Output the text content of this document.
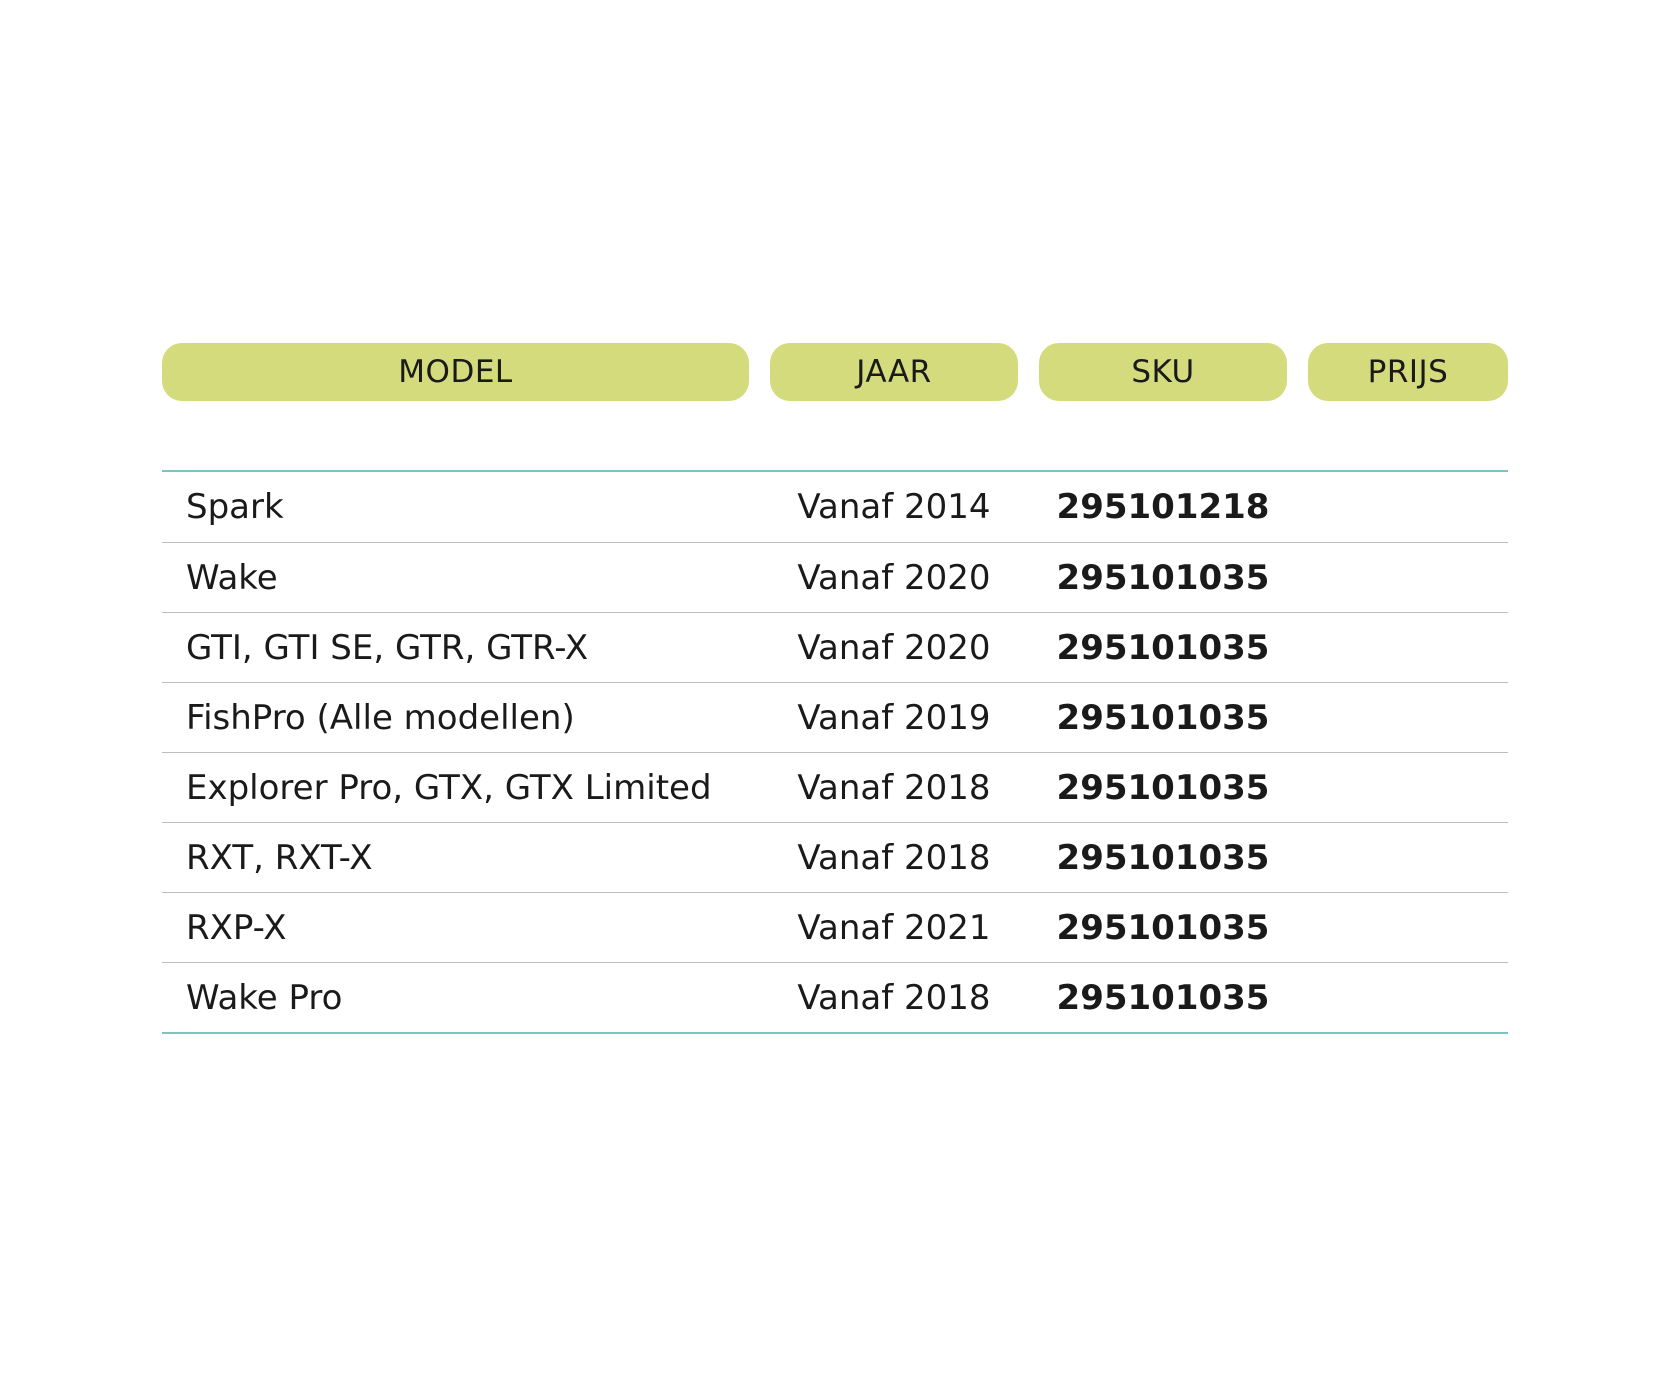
MODEL	JAAR	SKU	PRIJS
Spark	Vanaf 2014	295101218
Wake	Vanaf 2020	295101035
GTI, GTI SE, GTR, GTR-X	Vanaf 2020	295101035
FishPro (Alle modellen)	Vanaf 2019	295101035
Explorer Pro, GTX, GTX Limited	Vanaf 2018	295101035
RXT, RXT-X	Vanaf 2018	295101035
RXP-X	Vanaf 2021	295101035
Wake Pro	Vanaf 2018	295101035
